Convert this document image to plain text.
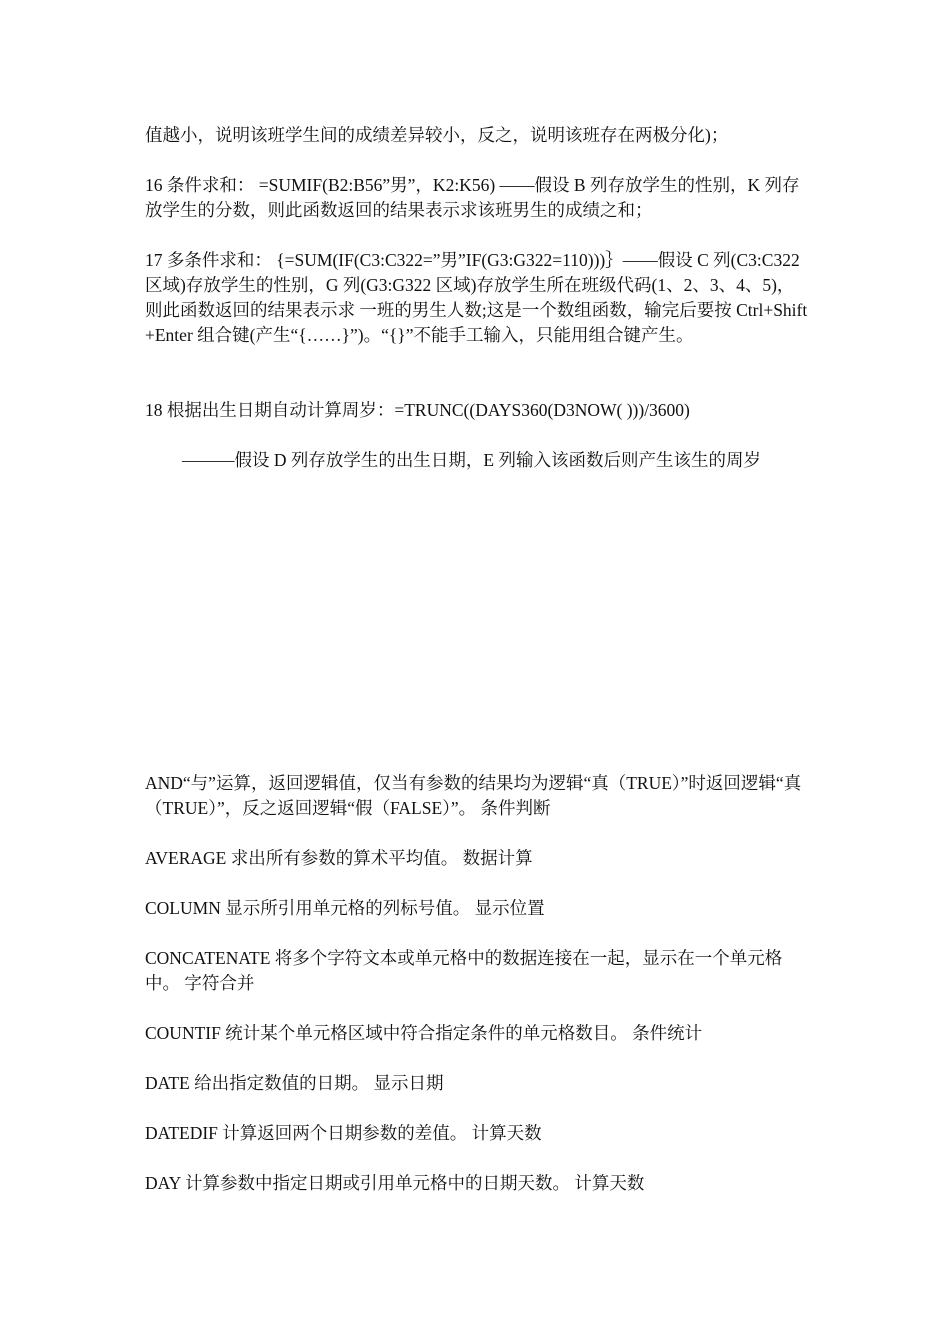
值越小，说明该班学生间的成绩差异较小，反之，说明该班存在两极分化)；
16 条件求和： =SUMIF(B2:B56”男”，K2:K56) ——假设 B 列存放学生的性别，K 列存放学生的分数，则此函数返回的结果表示求该班男生的成绩之和；
17 多条件求和： {=SUM(IF(C3:C322=”男”IF(G3:G322=110)))｝——假设 C 列(C3:C322 区域)存放学生的性别，G 列(G3:G322 区域)存放学生所在班级代码(1、2、3、4、5)，则此函数返回的结果表示求 一班的男生人数;这是一个数组函数，输完后要按 Ctrl+Shift+Enter 组合键(产生“{……}”)。“{}”不能手工输入，只能用组合键产生。
18 根据出生日期自动计算周岁：=TRUNC((DAYS360(D3NOW( )))/3600)
———假设 D 列存放学生的出生日期，E 列输入该函数后则产生该生的周岁
AND“与”运算，返回逻辑值，仅当有参数的结果均为逻辑“真（TRUE）”时返回逻辑“真（TRUE）”，反之返回逻辑“假（FALSE）”。 条件判断
AVERAGE 求出所有参数的算术平均值。 数据计算
COLUMN 显示所引用单元格的列标号值。 显示位置
CONCATENATE 将多个字符文本或单元格中的数据连接在一起，显示在一个单元格中。 字符合并
COUNTIF 统计某个单元格区域中符合指定条件的单元格数目。 条件统计
DATE 给出指定数值的日期。 显示日期
DATEDIF 计算返回两个日期参数的差值。 计算天数
DAY 计算参数中指定日期或引用单元格中的日期天数。 计算天数
